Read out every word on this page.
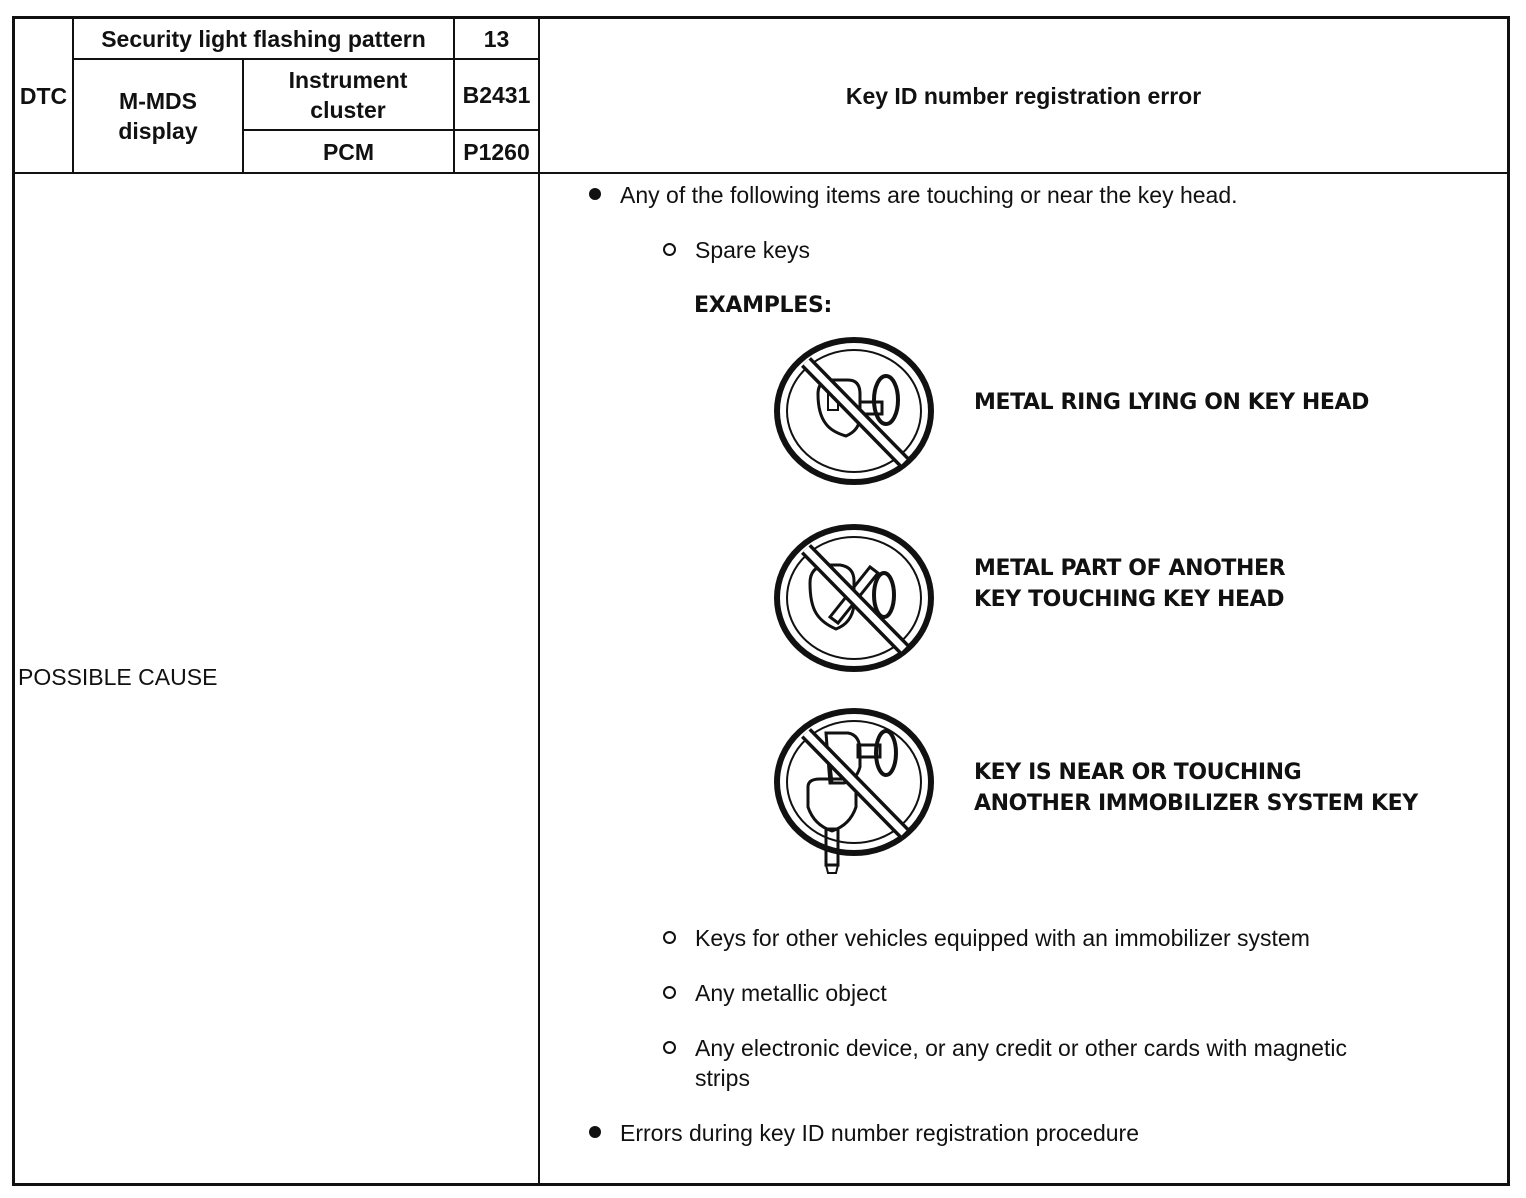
DTC
Security light flashing pattern	13
M-MDS display
Instrument cluster
B2431
PCM	P1260
Key ID number registration error
POSSIBLE CAUSE
Any of the following items are touching or near the key head.
Spare keys
EXAMPLES:
METAL RING LYING ON KEY HEAD
METAL PART OF ANOTHER
KEY TOUCHING KEY HEAD
KEY IS NEAR OR TOUCHING
ANOTHER IMMOBILIZER SYSTEM KEY
Keys for other vehicles equipped with an immobilizer system
Any metallic object
Any electronic device, or any credit or other cards with magnetic
strips
Errors during key ID number registration procedure
